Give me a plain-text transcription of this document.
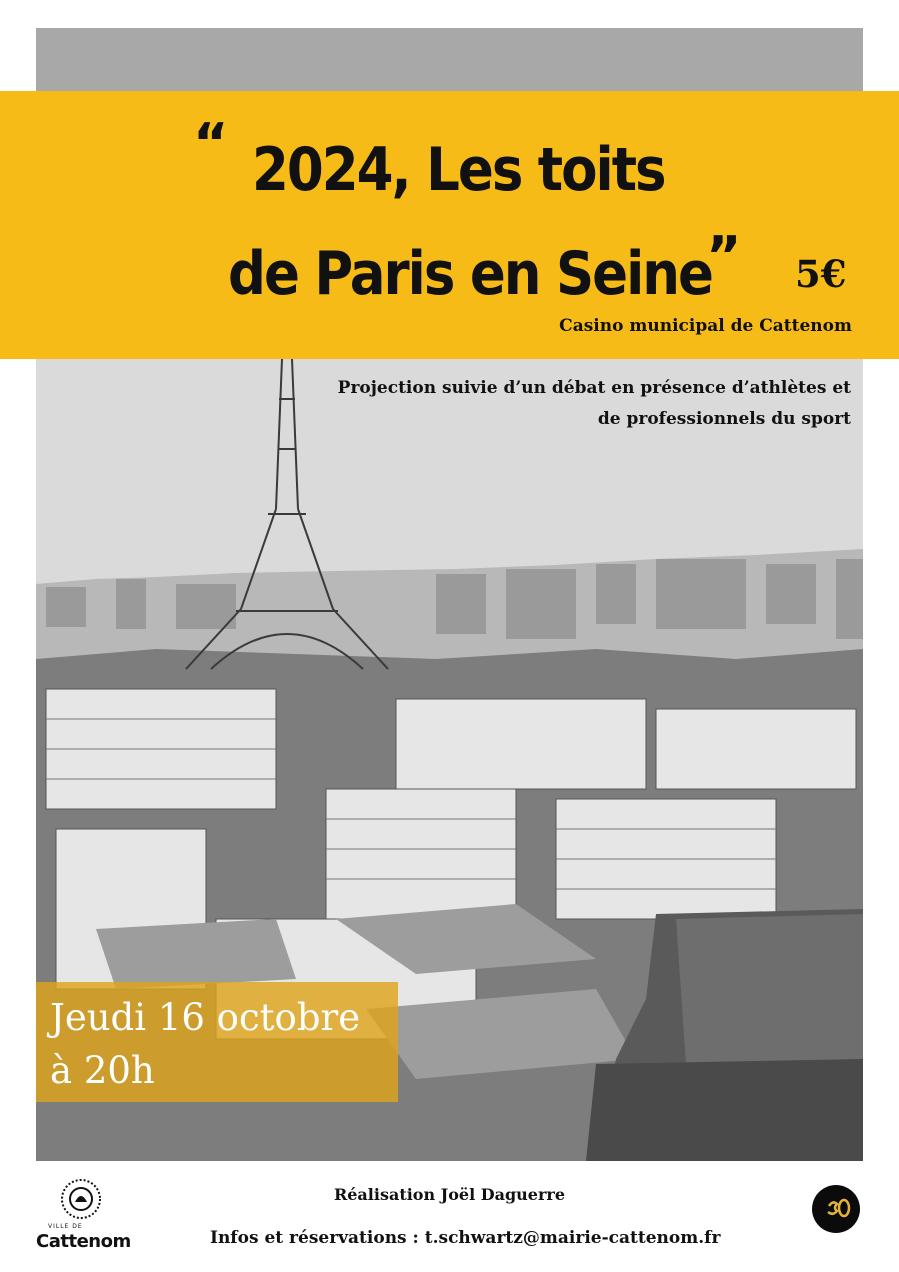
“ 2024, Les toits
de Paris en Seine
” 5€
Casino municipal de Cattenom
Projection suivie d’un débat en présence d’athlètes et
de professionnels du sport
Jeudi 16 octobre
à 20h
VILLE DE
Cattenom
Réalisation Joël Daguerre
Infos et réservations : t.schwartz@mairie-cattenom.fr
